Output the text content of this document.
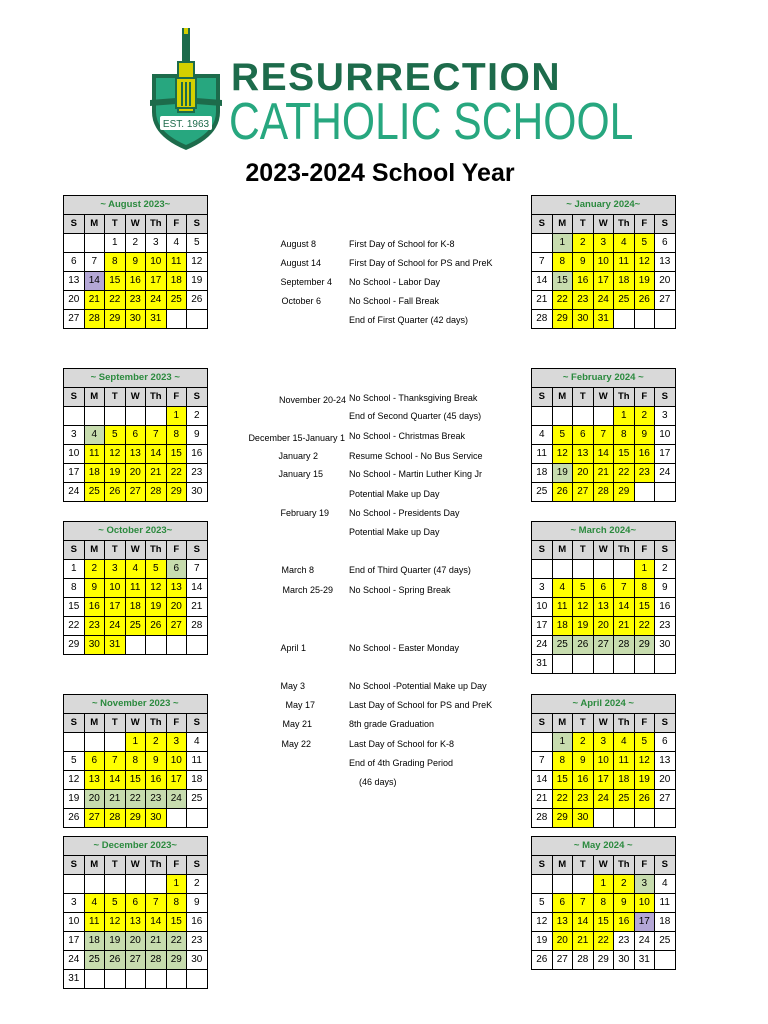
EST. 1963
RESURRECTION
CATHOLIC SCHOOL
2023-2024 School Year
~ August 2023~						
S	M	T	W	Th	F	S
		1	2	3	4	5
6	7	8	9	10	11	12
13	14	15	16	17	18	19
20	21	22	23	24	25	26
27	28	29	30	31		
~ September 2023 ~						
S	M	T	W	Th	F	S
					1	2
3	4	5	6	7	8	9
10	11	12	13	14	15	16
17	18	19	20	21	22	23
24	25	26	27	28	29	30
~ October 2023~						
S	M	T	W	Th	F	S
1	2	3	4	5	6	7
8	9	10	11	12	13	14
15	16	17	18	19	20	21
22	23	24	25	26	27	28
29	30	31				
~ November 2023 ~						
S	M	T	W	Th	F	S
			1	2	3	4
5	6	7	8	9	10	11
12	13	14	15	16	17	18
19	20	21	22	23	24	25
26	27	28	29	30		
~ December 2023~						
S	M	T	W	Th	F	S
					1	2
3	4	5	6	7	8	9
10	11	12	13	14	15	16
17	18	19	20	21	22	23
24	25	26	27	28	29	30
31						
~ January 2024~						
S	M	T	W	Th	F	S
	1	2	3	4	5	6
7	8	9	10	11	12	13
14	15	16	17	18	19	20
21	22	23	24	25	26	27
28	29	30	31			
~ February 2024 ~						
S	M	T	W	Th	F	S
				1	2	3
4	5	6	7	8	9	10
11	12	13	14	15	16	17
18	19	20	21	22	23	24
25	26	27	28	29		
~ March 2024~						
S	M	T	W	Th	F	S
					1	2
3	4	5	6	7	8	9
10	11	12	13	14	15	16
17	18	19	20	21	22	23
24	25	26	27	28	29	30
31						
~ April 2024 ~						
S	M	T	W	Th	F	S
	1	2	3	4	5	6
7	8	9	10	11	12	13
14	15	16	17	18	19	20
21	22	23	24	25	26	27
28	29	30				
~ May 2024 ~						
S	M	T	W	Th	F	S
			1	2	3	4
5	6	7	8	9	10	11
12	13	14	15	16	17	18
19	20	21	22	23	24	25
26	27	28	29	30	31	
August 8	First Day of School for K-8
August 14	First Day of School for PS and PreK
September 4 No School - Labor Day
October 6	No School - Fall Break
End of First Quarter (42 days)
November 20-24 No School - Thanksgiving Break
End of Second Quarter (45 days)
December 15-January 1 No School - Christmas Break
January 2	Resume School - No Bus Service
January 15	No School - Martin Luther King Jr
Potential Make up Day
February 19 No School - Presidents Day
Potential Make up Day
March 8	End of Third Quarter (47 days)
March 25-29 No School - Spring Break
April 1	No School - Easter Monday
May 3	No School -Potential Make up Day
May 17	Last Day of School for PS and PreK
May 21	8th grade Graduation
May 22	Last Day of School for K-8
End of 4th Grading Period
(46 days)
